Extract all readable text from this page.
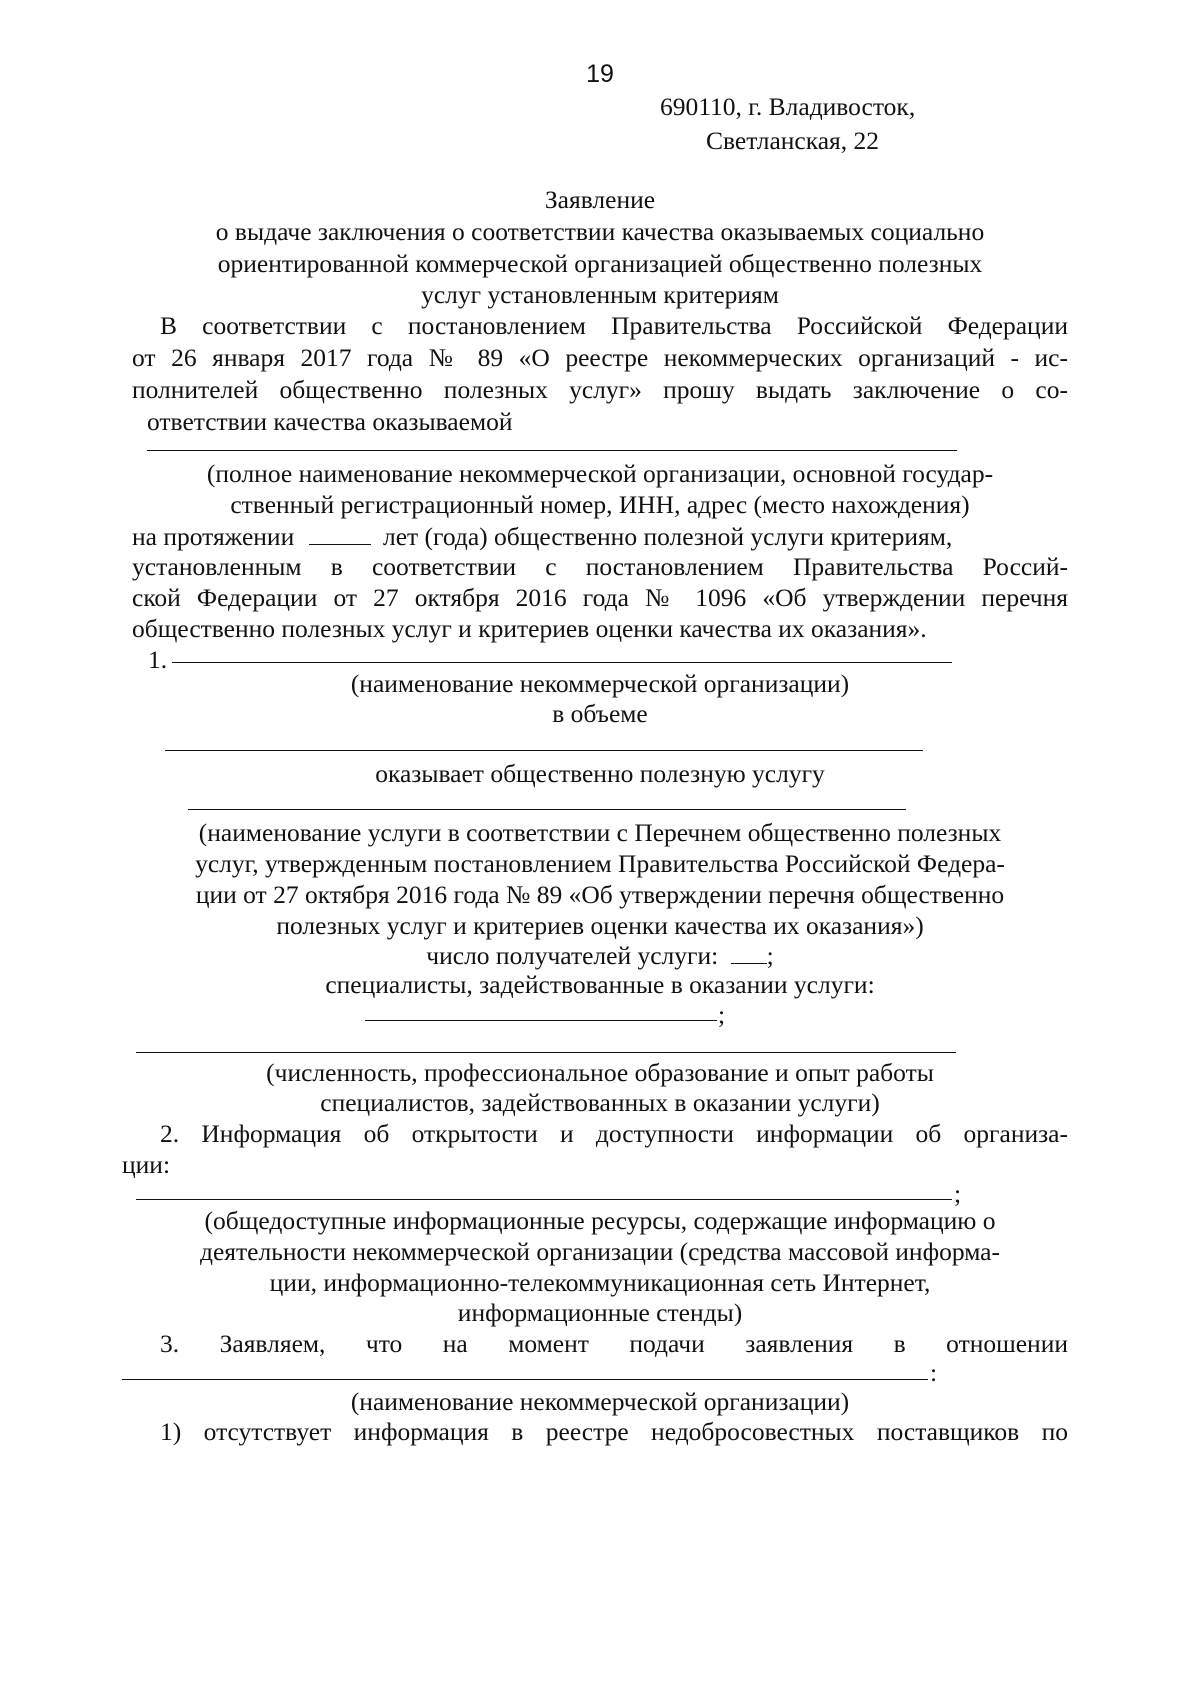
19
690110, г. Владивосток,
Светланская, 22
Заявление
о выдаче заключения о соответствии качества оказываемых социально
ориентированной коммерческой организацией общественно полезных
услуг установленным критериям
В соответствии с постановлением Правительства Российской Федерации
от 26 января 2017 года № 89 «О реестре некоммерческих организаций - ис-
полнителей общественно полезных услуг» прошу выдать заключение о со-
ответствии качества оказываемой
(полное наименование некоммерческой организации, основной государ-
ственный регистрационный номер, ИНН, адрес (место нахождения)
на протяжении	лет (года) общественно полезной услуги критериям,
установленным в соответствии с постановлением Правительства Россий-
ской Федерации от 27 октября 2016 года № 1096 «Об утверждении перечня
общественно полезных услуг и критериев оценки качества их оказания».
1.
(наименование некоммерческой организации)
в объеме
оказывает общественно полезную услугу
(наименование услуги в соответствии с Перечнем общественно полезных
услуг, утвержденным постановлением Правительства Российской Федера-
ции от 27 октября 2016 года № 89 «Об утверждении перечня общественно
полезных услуг и критериев оценки качества их оказания»)
число получателей услуги: ;
специалисты, задействованные в оказании услуги:
;
(численность, профессиональное образование и опыт работы
специалистов, задействованных в оказании услуги)
2. Информация об открытости и доступности информации об организа-
ции:
;
(общедоступные информационные ресурсы, содержащие информацию о
деятельности некоммерческой организации (средства массовой информа-
ции, информационно-телекоммуникационная сеть Интернет,
информационные стенды)
3. Заявляем, что на момент подачи заявления в отношении
:
(наименование некоммерческой организации)
1) отсутствует информация в реестре недобросовестных поставщиков по
